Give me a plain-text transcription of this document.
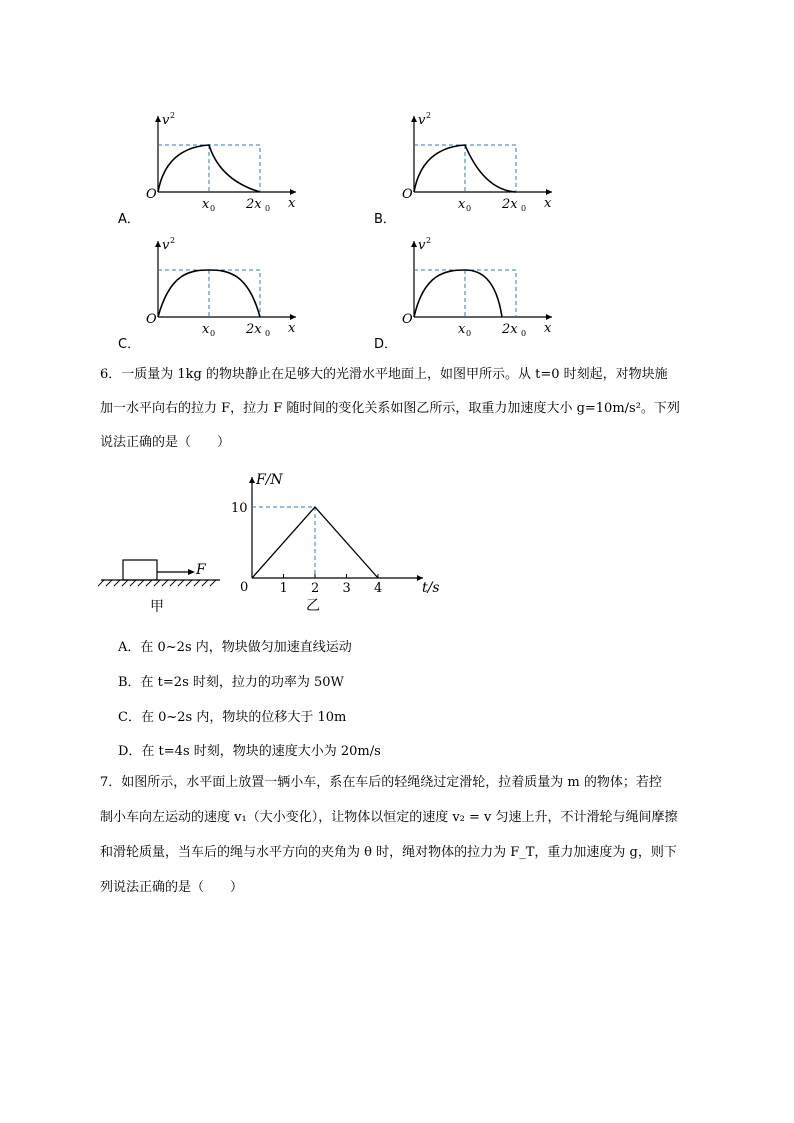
v 2
O
x 0 2x 0 x
A．
v 2
O
x 0 2x 0 x
B．
v 2
O
x 0 2x 0 x
C．
v 2
O
x 0 2x 0 x
D．
6．一质量为 1kg 的物块静止在足够大的光滑水平地面上，如图甲所示。从 t=0 时刻起，对物块施
加一水平向右的拉力 F，拉力 F 随时间的变化关系如图乙所示，取重力加速度大小 g=10m/s²。下列
说法正确的是（　　）
F
甲
F/N
t/s
0 1 2 3 4
10
乙
A．在 0~2s 内，物块做匀加速直线运动
B．在 t=2s 时刻，拉力的功率为 50W
C．在 0~2s 内，物块的位移大于 10m
D．在 t=4s 时刻，物块的速度大小为 20m/s
7．如图所示，水平面上放置一辆小车，系在车后的轻绳绕过定滑轮，拉着质量为 m 的物体；若控
制小车向左运动的速度 v₁（大小变化），让物体以恒定的速度 v₂ = v 匀速上升，不计滑轮与绳间摩擦
和滑轮质量，当车后的绳与水平方向的夹角为 θ 时，绳对物体的拉力为 F_T，重力加速度为 g，则下
列说法正确的是（　　）
